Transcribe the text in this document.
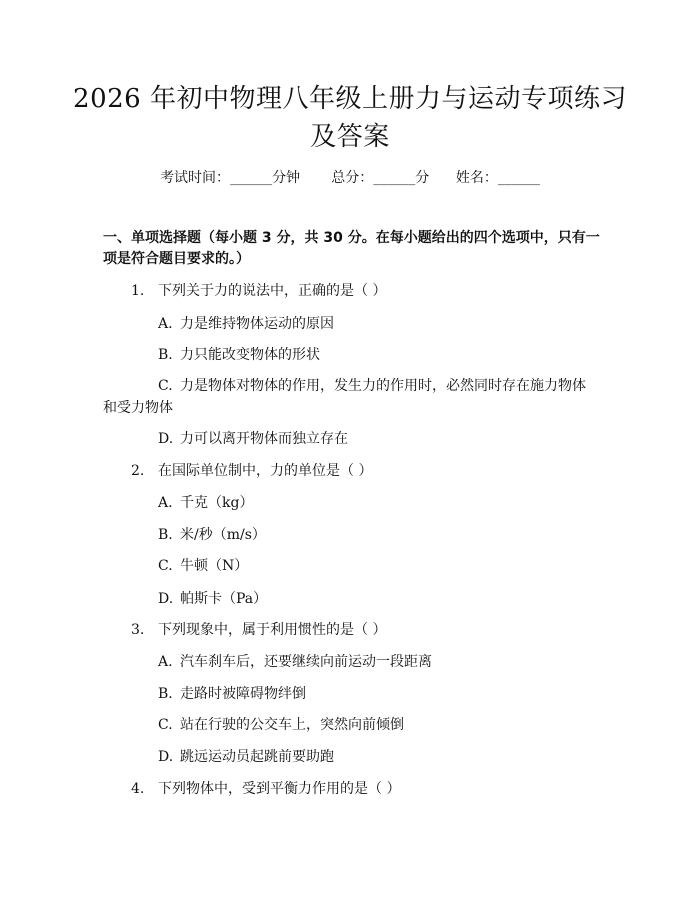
2026 年初中物理八年级上册力与运动专项练习及答案
考试时间：______分钟 总分：______分 姓名：______
一、单项选择题（每小题 3 分，共 30 分。在每小题给出的四个选项中，只有一项是符合题目要求的。）
1. 下列关于力的说法中，正确的是（ ）
A. 力是维持物体运动的原因
B. 力只能改变物体的形状
C. 力是物体对物体的作用，发生力的作用时，必然同时存在施力物体和受力物体
D. 力可以离开物体而独立存在
2. 在国际单位制中，力的单位是（ ）
A. 千克（kg）
B. 米/秒（m/s）
C. 牛顿（N）
D. 帕斯卡（Pa）
3. 下列现象中，属于利用惯性的是（ ）
A. 汽车刹车后，还要继续向前运动一段距离
B. 走路时被障碍物绊倒
C. 站在行驶的公交车上，突然向前倾倒
D. 跳远运动员起跳前要助跑
4. 下列物体中，受到平衡力作用的是（ ）
